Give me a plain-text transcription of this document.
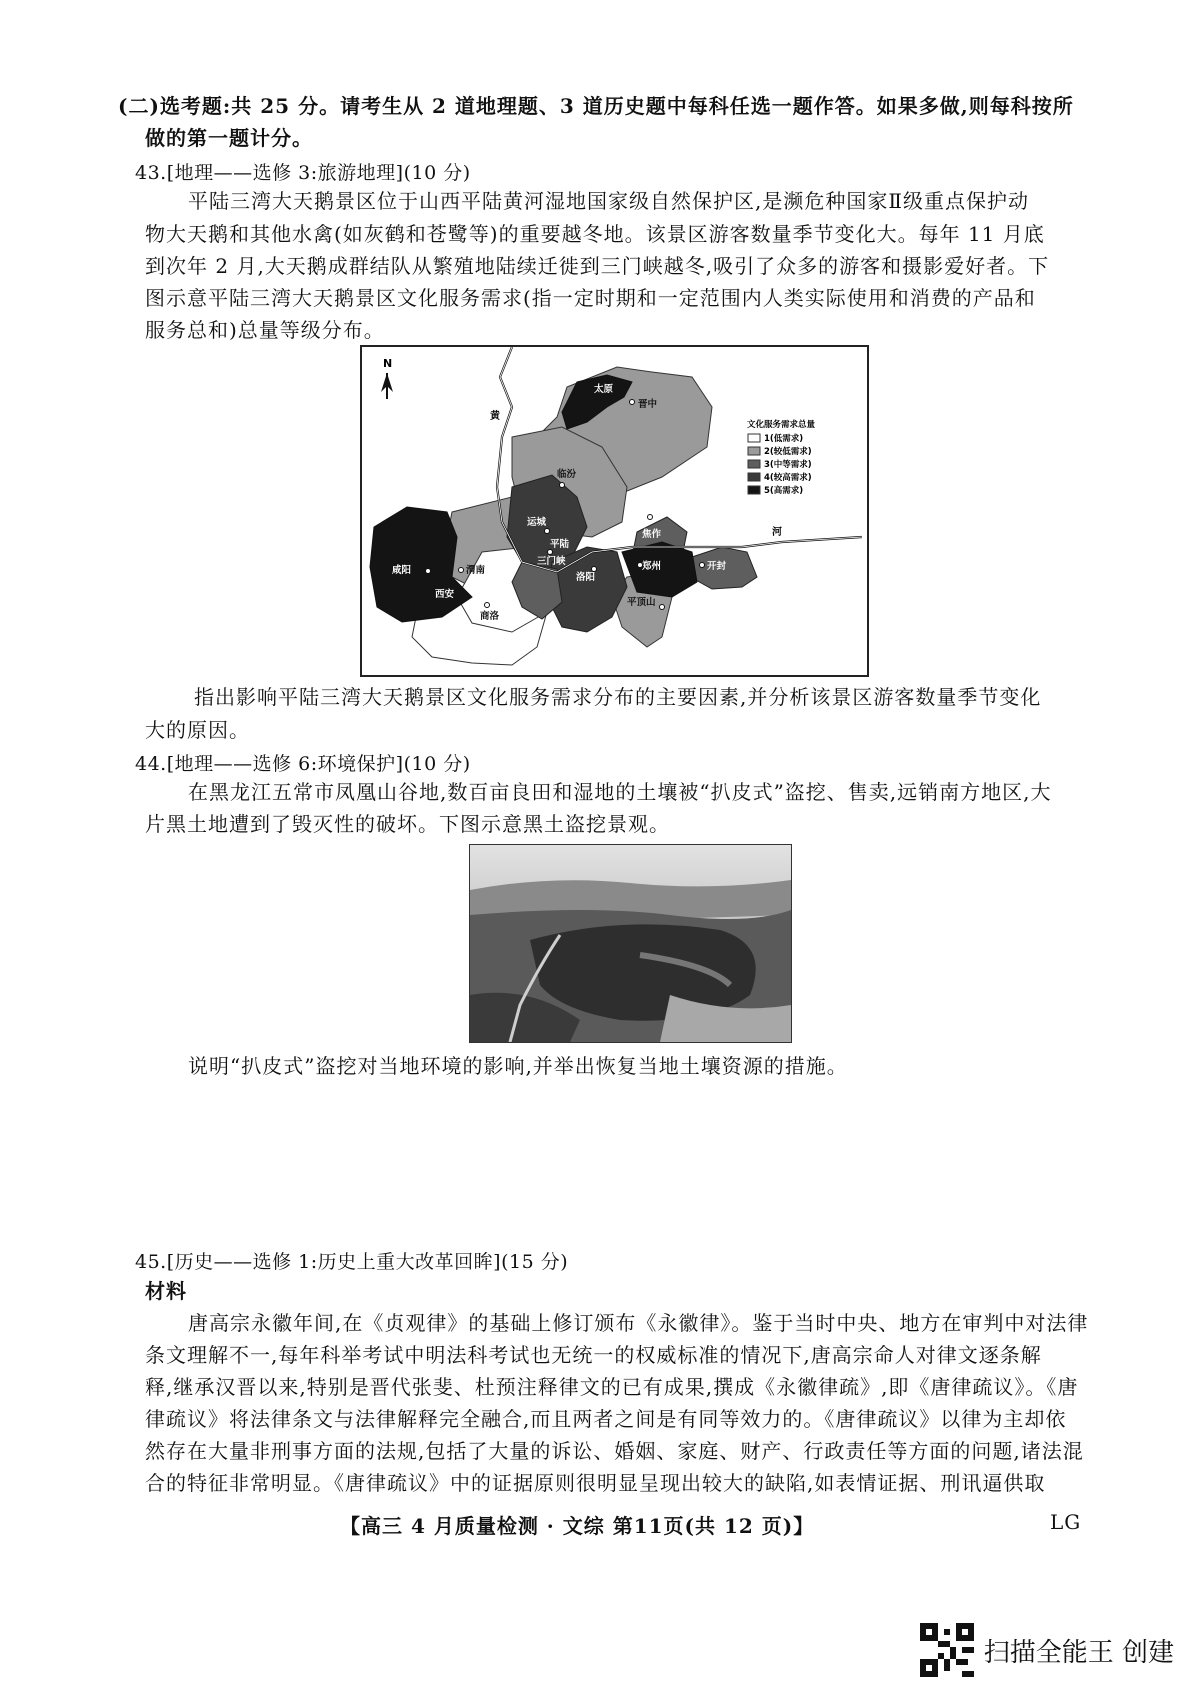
(二)选考题:共 25 分。请考生从 2 道地理题、3 道历史题中每科任选一题作答。如果多做,则每科按所
做的第一题计分。
43.[地理——选修 3:旅游地理](10 分)
平陆三湾大天鹅景区位于山西平陆黄河湿地国家级自然保护区,是濒危种国家Ⅱ级重点保护动
物大天鹅和其他水禽(如灰鹤和苍鹭等)的重要越冬地。该景区游客数量季节变化大。每年 11 月底
到次年 2 月,大天鹅成群结队从繁殖地陆续迁徙到三门峡越冬,吸引了众多的游客和摄影爱好者。下
图示意平陆三湾大天鹅景区文化服务需求(指一定时期和一定范围内人类实际使用和消费的产品和
服务总和)总量等级分布。
N
黄
河
太原
晋中
临汾
运城
平陆
三门峡
焦作
郑州	开封
洛阳
平顶山
咸阳	渭南
西安
商洛
文化服务需求总量
1(低需求)
2(较低需求)
3(中等需求)
4(较高需求)
5(高需求)
指出影响平陆三湾大天鹅景区文化服务需求分布的主要因素,并分析该景区游客数量季节变化
大的原因。
44.[地理——选修 6:环境保护](10 分)
在黑龙江五常市凤凰山谷地,数百亩良田和湿地的土壤被“扒皮式”盗挖、售卖,远销南方地区,大
片黑土地遭到了毁灭性的破坏。下图示意黑土盗挖景观。
说明“扒皮式”盗挖对当地环境的影响,并举出恢复当地土壤资源的措施。
45.[历史——选修 1:历史上重大改革回眸](15 分)
材料
唐高宗永徽年间,在《贞观律》的基础上修订颁布《永徽律》。鉴于当时中央、地方在审判中对法律
条文理解不一,每年科举考试中明法科考试也无统一的权威标准的情况下,唐高宗命人对律文逐条解
释,继承汉晋以来,特别是晋代张斐、杜预注释律文的已有成果,撰成《永徽律疏》,即《唐律疏议》。《唐
律疏议》将法律条文与法律解释完全融合,而且两者之间是有同等效力的。《唐律疏议》以律为主却依
然存在大量非刑事方面的法规,包括了大量的诉讼、婚姻、家庭、财产、行政责任等方面的问题,诸法混
合的特征非常明显。《唐律疏议》中的证据原则很明显呈现出较大的缺陷,如表情证据、刑讯逼供取
【高三 4 月质量检测 · 文综 第11页(共 12 页)】	LG
扫描全能王 创建
